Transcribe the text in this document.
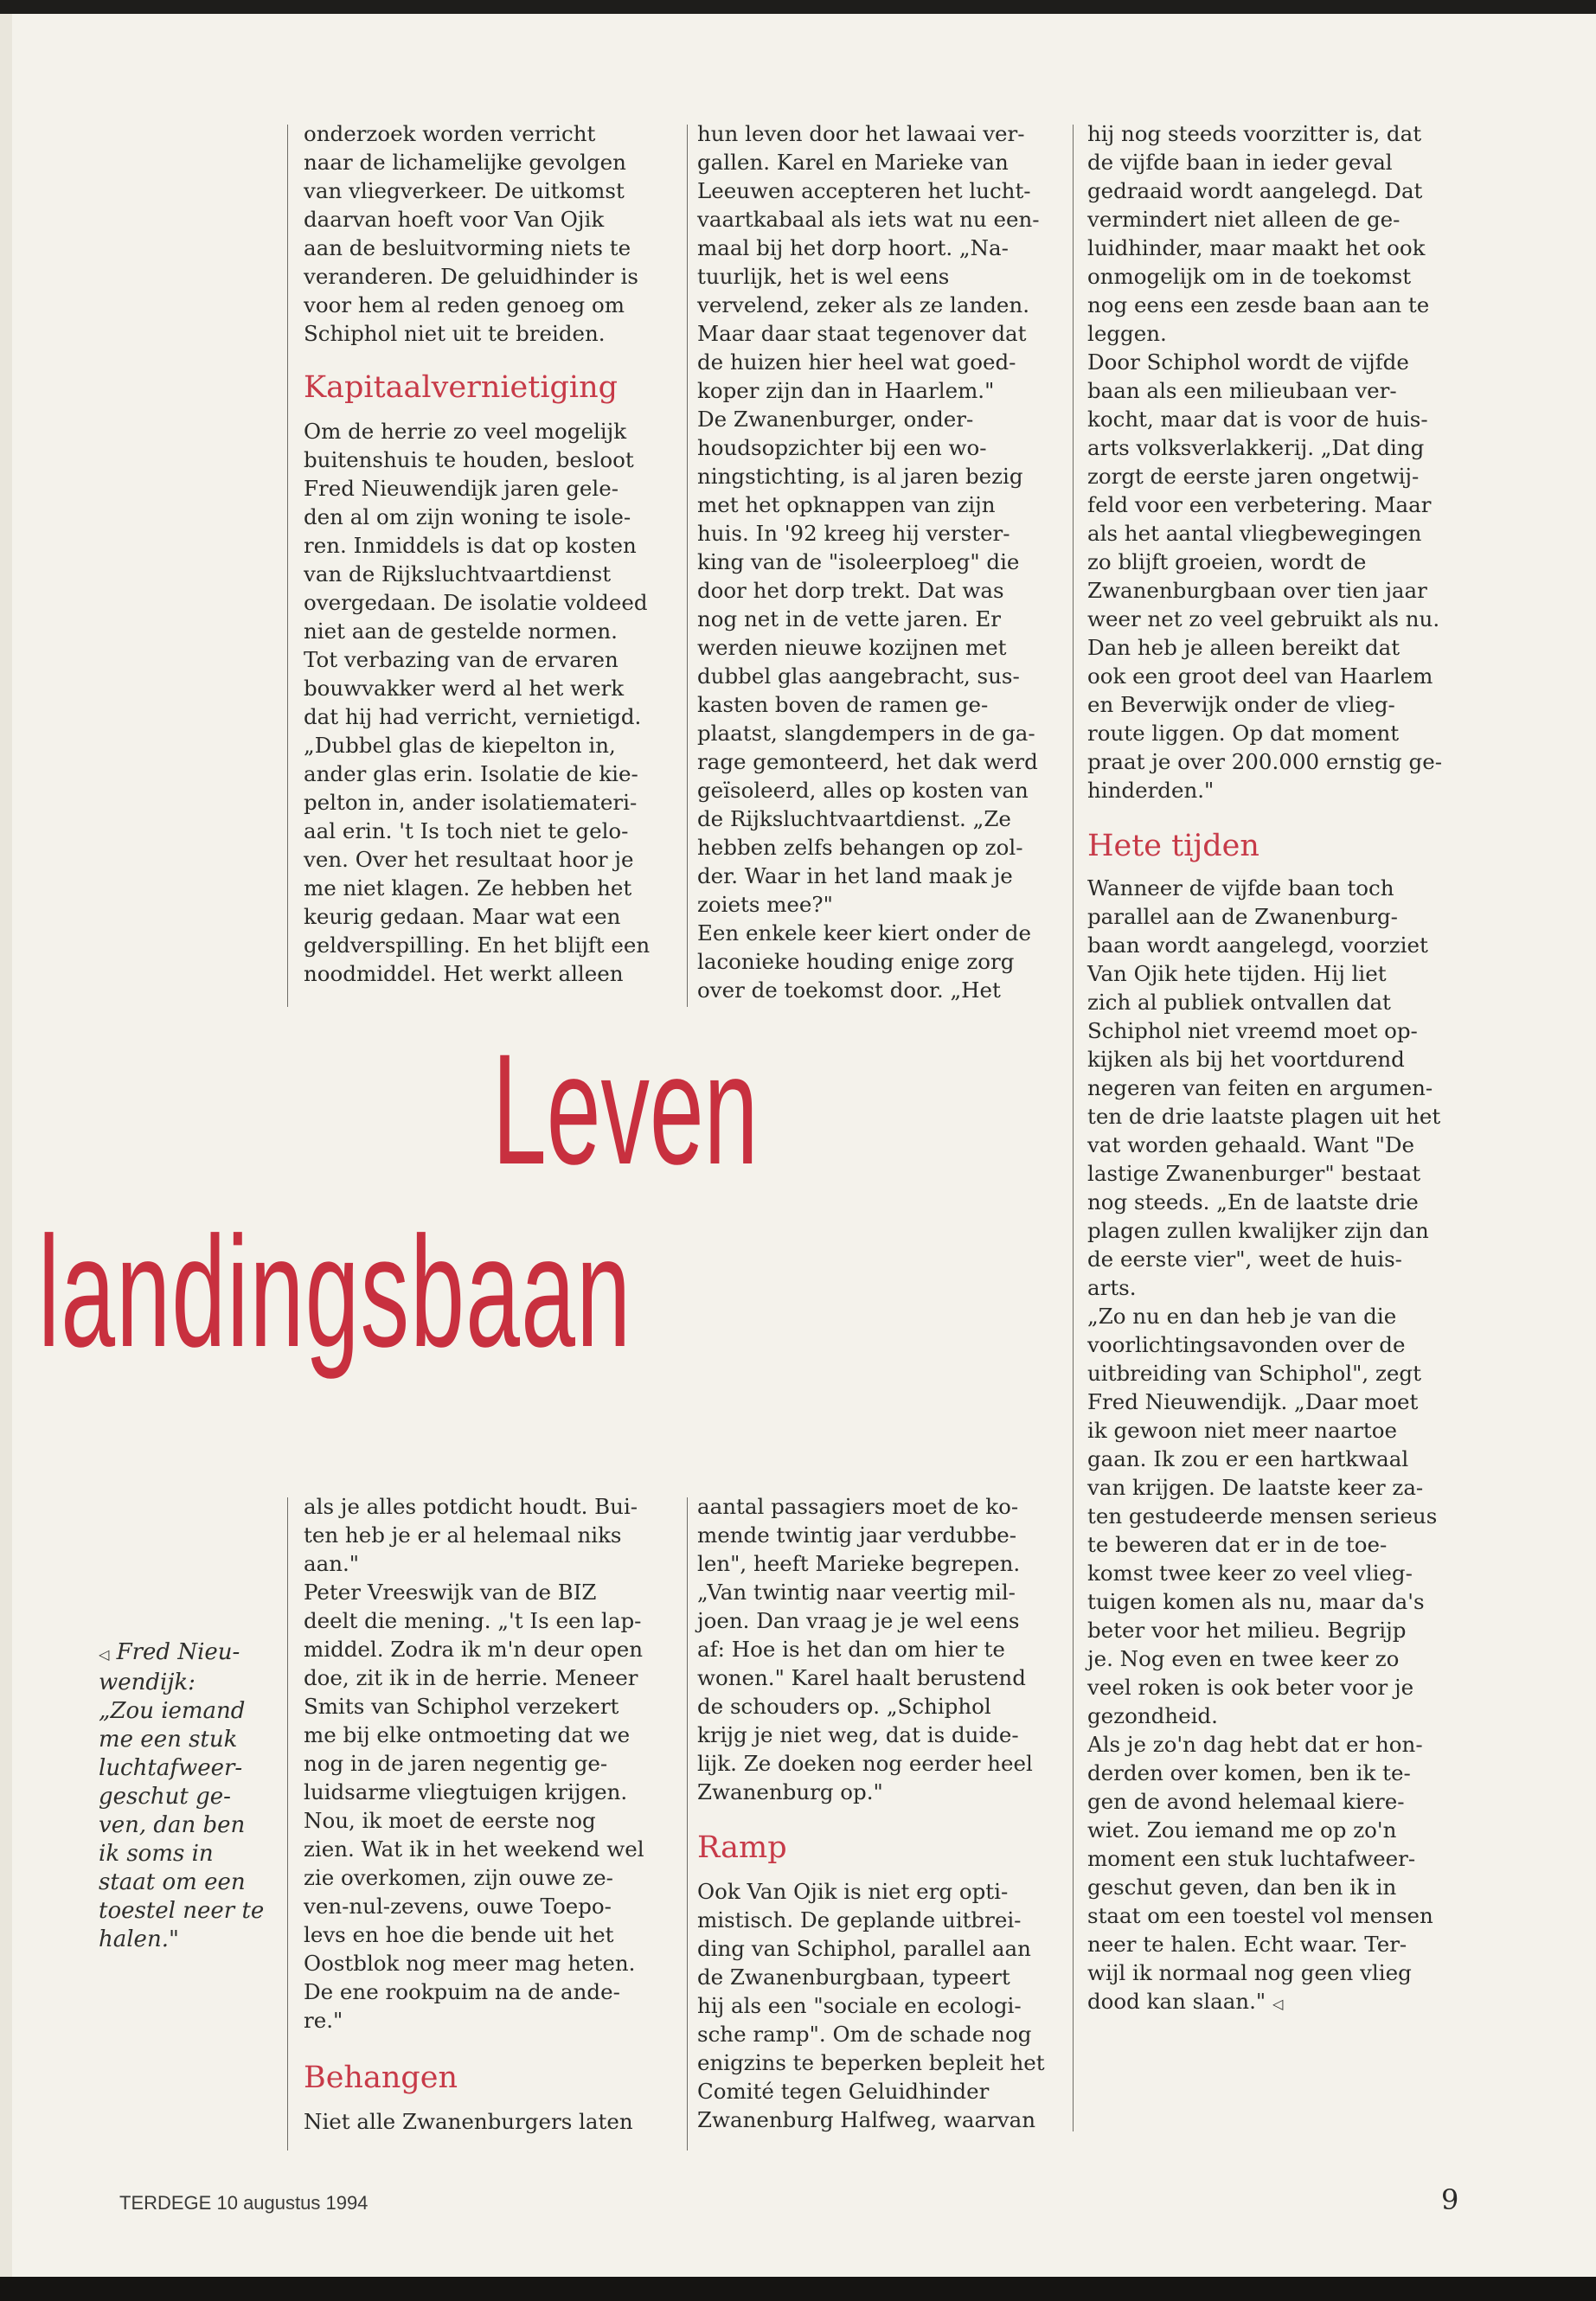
onderzoek worden verricht
naar de lichamelijke gevolgen
van vliegverkeer. De uitkomst
daarvan hoeft voor Van Ojik
aan de besluitvorming niets te
veranderen. De geluidhinder is
voor hem al reden genoeg om
Schiphol niet uit te breiden.

Kapitaalvernietiging

Om de herrie zo veel mogelijk
buitenshuis te houden, besloot
Fred Nieuwendijk jaren gele-
den al om zijn woning te isole-
ren. Inmiddels is dat op kosten
van de Rijksluchtvaartdienst
overgedaan. De isolatie voldeed
niet aan de gestelde normen.
Tot verbazing van de ervaren
bouwvakker werd al het werk
dat hij had verricht, vernietigd.
„Dubbel glas de kiepelton in,
ander glas erin. Isolatie de kie-
pelton in, ander isolatiemateri-
aal erin. 't Is toch niet te gelo-
ven. Over het resultaat hoor je
me niet klagen. Ze hebben het
keurig gedaan. Maar wat een
geldverspilling. En het blijft een
noodmiddel. Het werkt alleen

hun leven door het lawaai ver-
gallen. Karel en Marieke van
Leeuwen accepteren het lucht-
vaartkabaal als iets wat nu een-
maal bij het dorp hoort. „Na-
tuurlijk, het is wel eens
vervelend, zeker als ze landen.
Maar daar staat tegenover dat
de huizen hier heel wat goed-
koper zijn dan in Haarlem."
De Zwanenburger, onder-
houdsopzichter bij een wo-
ningstichting, is al jaren bezig
met het opknappen van zijn
huis. In '92 kreeg hij verster-
king van de "isoleerploeg" die
door het dorp trekt. Dat was
nog net in de vette jaren. Er
werden nieuwe kozijnen met
dubbel glas aangebracht, sus-
kasten boven de ramen ge-
plaatst, slangdempers in de ga-
rage gemonteerd, het dak werd
geïsoleerd, alles op kosten van
de Rijksluchtvaartdienst. „Ze
hebben zelfs behangen op zol-
der. Waar in het land maak je
zoiets mee?"
Een enkele keer kiert onder de
laconieke houding enige zorg
over de toekomst door. „Het

hij nog steeds voorzitter is, dat
de vijfde baan in ieder geval
gedraaid wordt aangelegd. Dat
vermindert niet alleen de ge-
luidhinder, maar maakt het ook
onmogelijk om in de toekomst
nog eens een zesde baan aan te
leggen.
Door Schiphol wordt de vijfde
baan als een milieubaan ver-
kocht, maar dat is voor de huis-
arts volksverlakkerij. „Dat ding
zorgt de eerste jaren ongetwij-
feld voor een verbetering. Maar
als het aantal vliegbewegingen
zo blijft groeien, wordt de
Zwanenburgbaan over tien jaar
weer net zo veel gebruikt als nu.
Dan heb je alleen bereikt dat
ook een groot deel van Haarlem
en Beverwijk onder de vlieg-
route liggen. Op dat moment
praat je over 200.000 ernstig ge-
hinderden."

Hete tijden

Wanneer de vijfde baan toch
parallel aan de Zwanenburg-
baan wordt aangelegd, voorziet
Van Ojik hete tijden. Hij liet
zich al publiek ontvallen dat
Schiphol niet vreemd moet op-
kijken als bij het voortdurend
negeren van feiten en argumen-
ten de drie laatste plagen uit het
vat worden gehaald. Want "De
lastige Zwanenburger" bestaat
nog steeds. „En de laatste drie
plagen zullen kwalijker zijn dan
de eerste vier", weet de huis-
arts.
„Zo nu en dan heb je van die
voorlichtingsavonden over de
uitbreiding van Schiphol", zegt
Fred Nieuwendijk. „Daar moet
ik gewoon niet meer naartoe
gaan. Ik zou er een hartkwaal
van krijgen. De laatste keer za-
ten gestudeerde mensen serieus
te beweren dat er in de toe-
komst twee keer zo veel vlieg-
tuigen komen als nu, maar da's
beter voor het milieu. Begrijp
je. Nog even en twee keer zo
veel roken is ook beter voor je
gezondheid.
Als je zo'n dag hebt dat er hon-
derden over komen, ben ik te-
gen de avond helemaal kiere-
wiet. Zou iemand me op zo'n
moment een stuk luchtafweer-
geschut geven, dan ben ik in
staat om een toestel vol mensen
neer te halen. Echt waar. Ter-
wijl ik normaal nog geen vlieg
dood kan slaan." ◁

Leven
landingsbaan
◁ Fred Nieu-
wendijk:
„Zou iemand
me een stuk
luchtafweer-
geschut ge-
ven, dan ben
ik soms in
staat om een
toestel neer te
halen."

als je alles potdicht houdt. Bui-
ten heb je er al helemaal niks
aan."
Peter Vreeswijk van de BIZ
deelt die mening. „'t Is een lap-
middel. Zodra ik m'n deur open
doe, zit ik in de herrie. Meneer
Smits van Schiphol verzekert
me bij elke ontmoeting dat we
nog in de jaren negentig ge-
luidsarme vliegtuigen krijgen.
Nou, ik moet de eerste nog
zien. Wat ik in het weekend wel
zie overkomen, zijn ouwe ze-
ven-nul-zevens, ouwe Toepo-
levs en hoe die bende uit het
Oostblok nog meer mag heten.
De ene rookpuim na de ande-
re."

Behangen

Niet alle Zwanenburgers laten

aantal passagiers moet de ko-
mende twintig jaar verdubbe-
len", heeft Marieke begrepen.
„Van twintig naar veertig mil-
joen. Dan vraag je je wel eens
af: Hoe is het dan om hier te
wonen." Karel haalt berustend
de schouders op. „Schiphol
krijg je niet weg, dat is duide-
lijk. Ze doeken nog eerder heel
Zwanenburg op."

Ramp

Ook Van Ojik is niet erg opti-
mistisch. De geplande uitbrei-
ding van Schiphol, parallel aan
de Zwanenburgbaan, typeert
hij als een "sociale en ecologi-
sche ramp". Om de schade nog
enigzins te beperken bepleit het
Comité tegen Geluidhinder
Zwanenburg Halfweg, waarvan

TERDEGE 10 augustus 1994	9
